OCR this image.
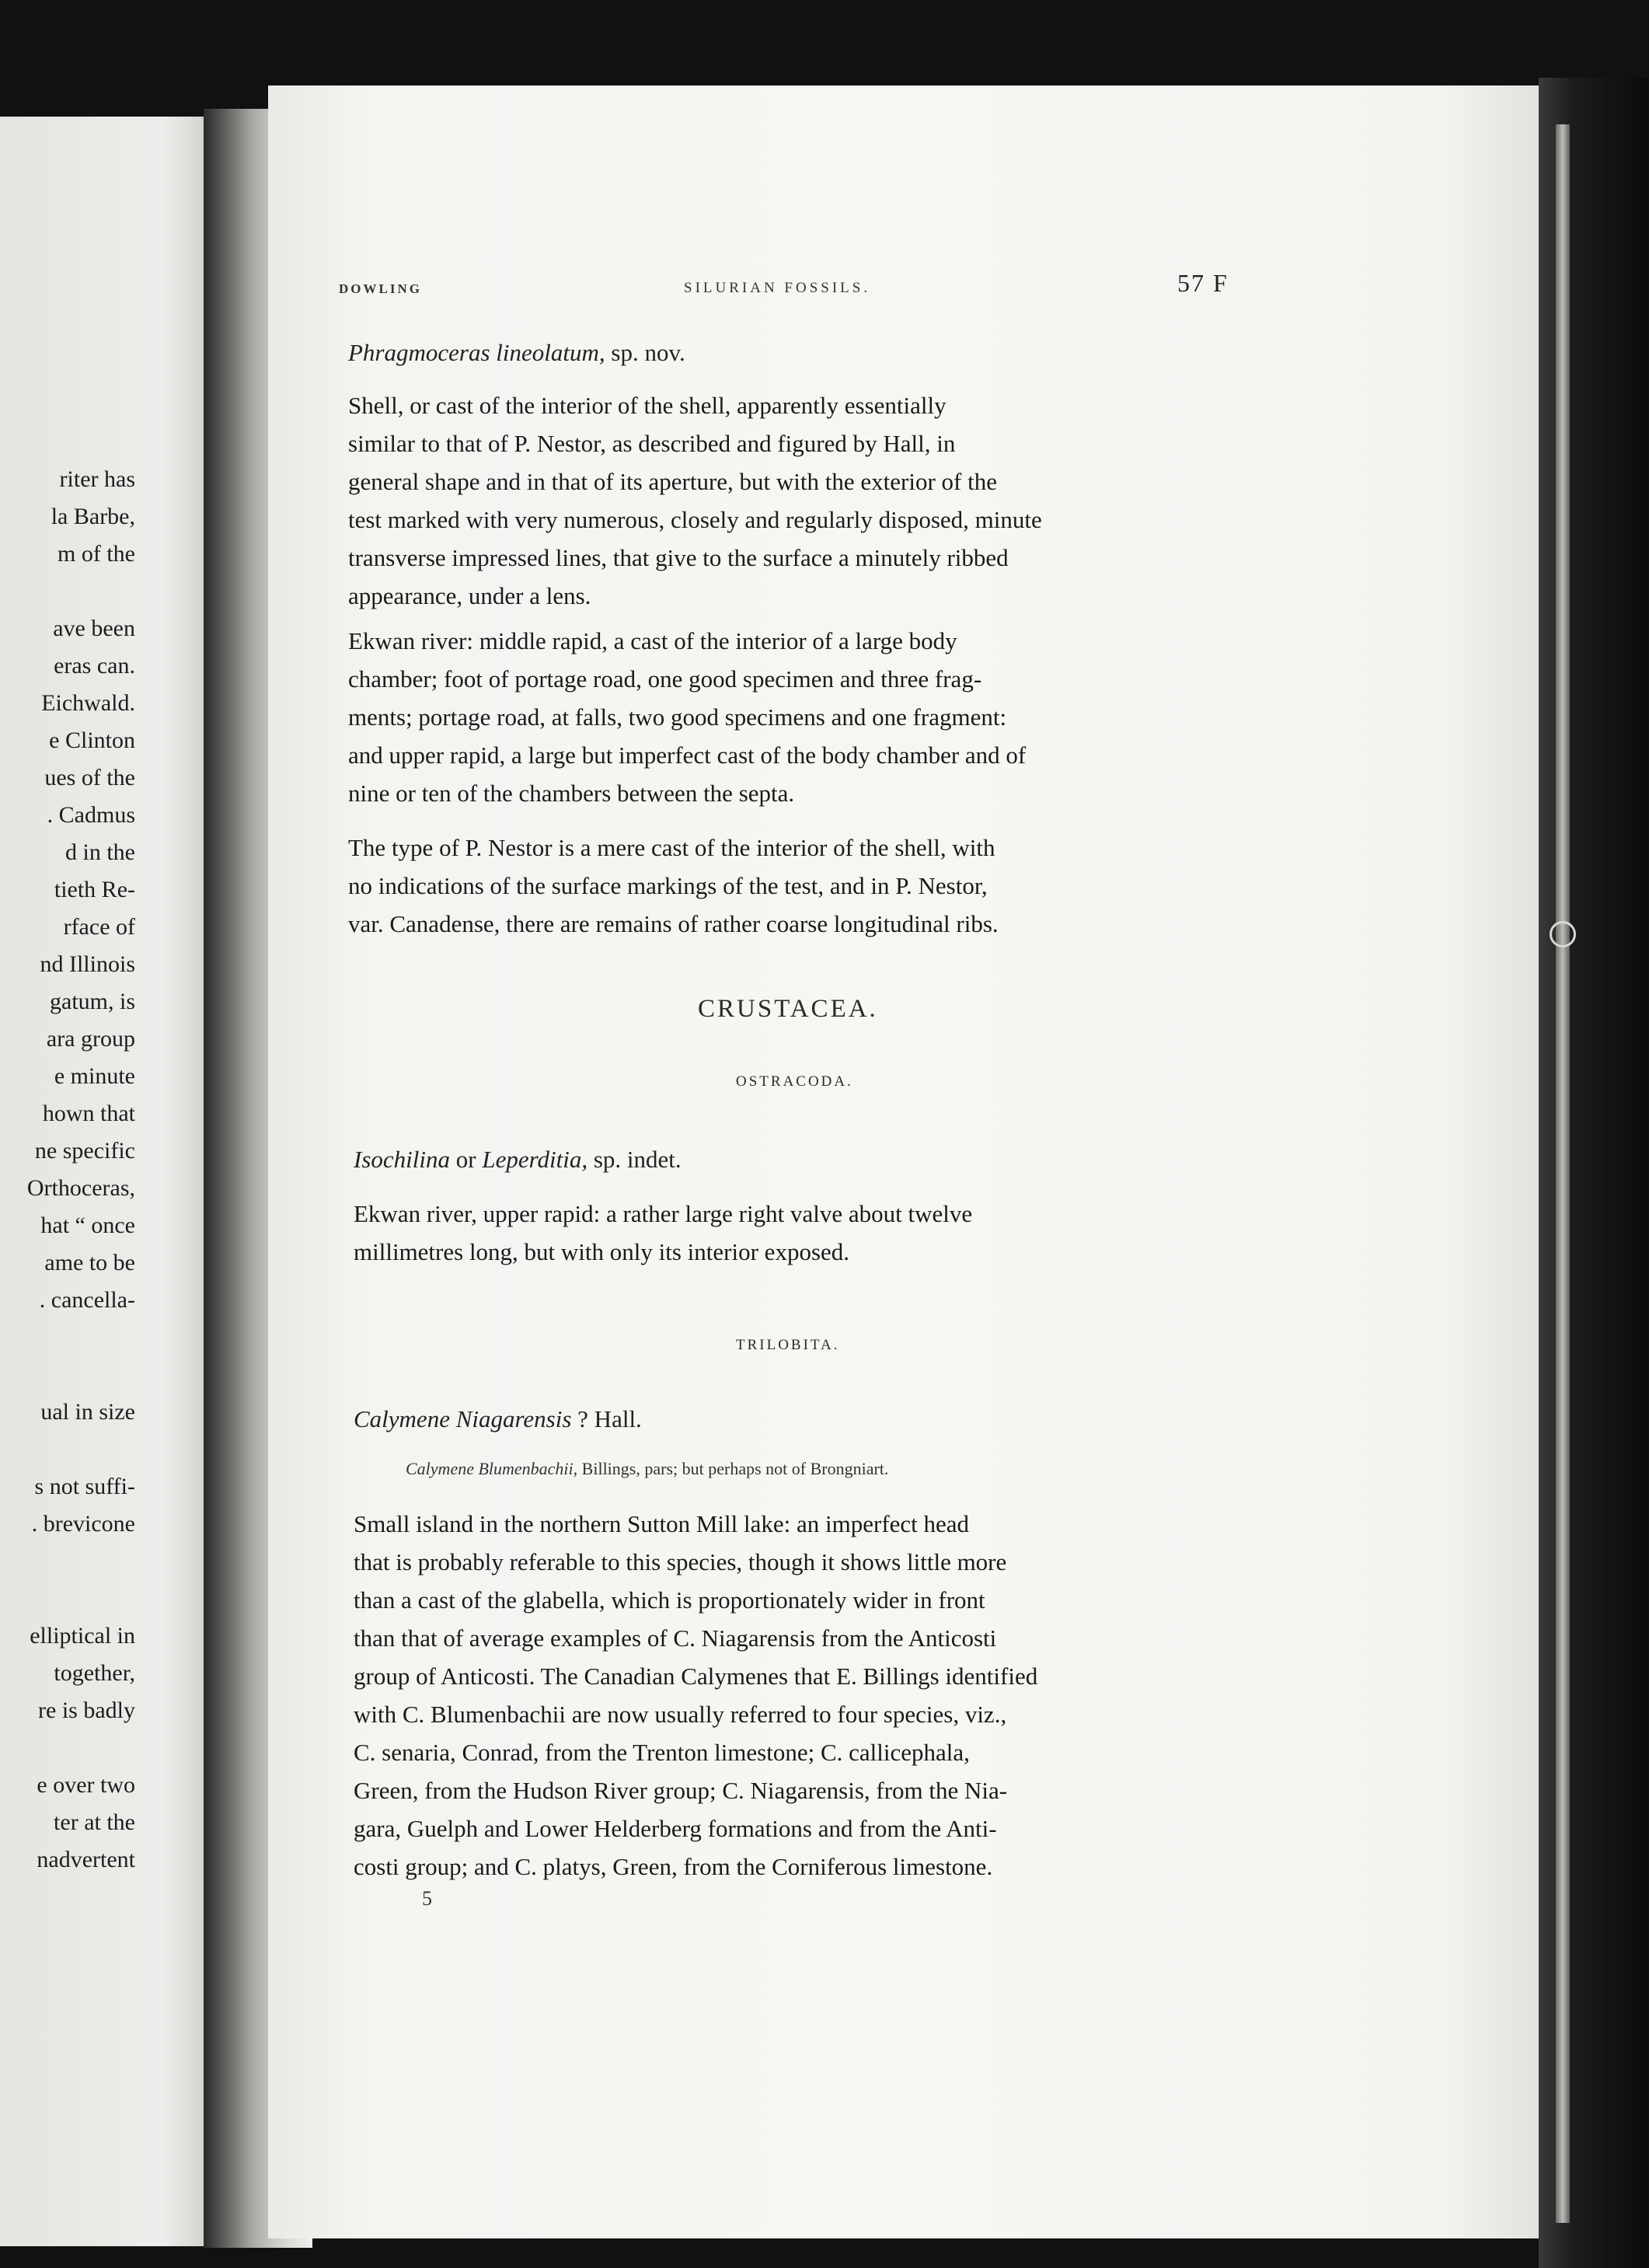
riter has
la Barbe,
m of the
ave been
eras can.
Eichwald.
e Clinton
ues of the
. Cadmus
d in the
tieth Re-
rface of
nd Illinois
gatum, is
ara group
e minute
hown that
ne specific
Orthoceras,
hat “ once
ame to be
. cancella-
ual in size
s not suffi-
. brevicone
elliptical in
together,
re is badly
e over two
ter at the
nadvertent
DOWLING	SILURIAN FOSSILS.	57 F
Phragmoceras lineolatum, sp. nov.
Shell, or cast of the interior of the shell, apparently essentially
similar to that of P. Nestor, as described and figured by Hall, in
general shape and in that of its aperture, but with the exterior of the
test marked with very numerous, closely and regularly disposed, minute
transverse impressed lines, that give to the surface a minutely ribbed
appearance, under a lens.
Ekwan river: middle rapid, a cast of the interior of a large body
chamber; foot of portage road, one good specimen and three frag-
ments; portage road, at falls, two good specimens and one fragment:
and upper rapid, a large but imperfect cast of the body chamber and of
nine or ten of the chambers between the septa.
The type of P. Nestor is a mere cast of the interior of the shell, with
no indications of the surface markings of the test, and in P. Nestor,
var. Canadense, there are remains of rather coarse longitudinal ribs.
CRUSTACEA.
OSTRACODA.
Isochilina or Leperditia, sp. indet.
Ekwan river, upper rapid: a rather large right valve about twelve
millimetres long, but with only its interior exposed.
TRILOBITA.
Calymene Niagarensis ? Hall.
Calymene Blumenbachii, Billings, pars; but perhaps not of Brongniart.
Small island in the northern Sutton Mill lake: an imperfect head
that is probably referable to this species, though it shows little more
than a cast of the glabella, which is proportionately wider in front
than that of average examples of C. Niagarensis from the Anticosti
group of Anticosti. The Canadian Calymenes that E. Billings identified
with C. Blumenbachii are now usually referred to four species, viz.,
C. senaria, Conrad, from the Trenton limestone; C. callicephala,
Green, from the Hudson River group; C. Niagarensis, from the Nia-
gara, Guelph and Lower Helderberg formations and from the Anti-
costi group; and C. platys, Green, from the Corniferous limestone.
5
